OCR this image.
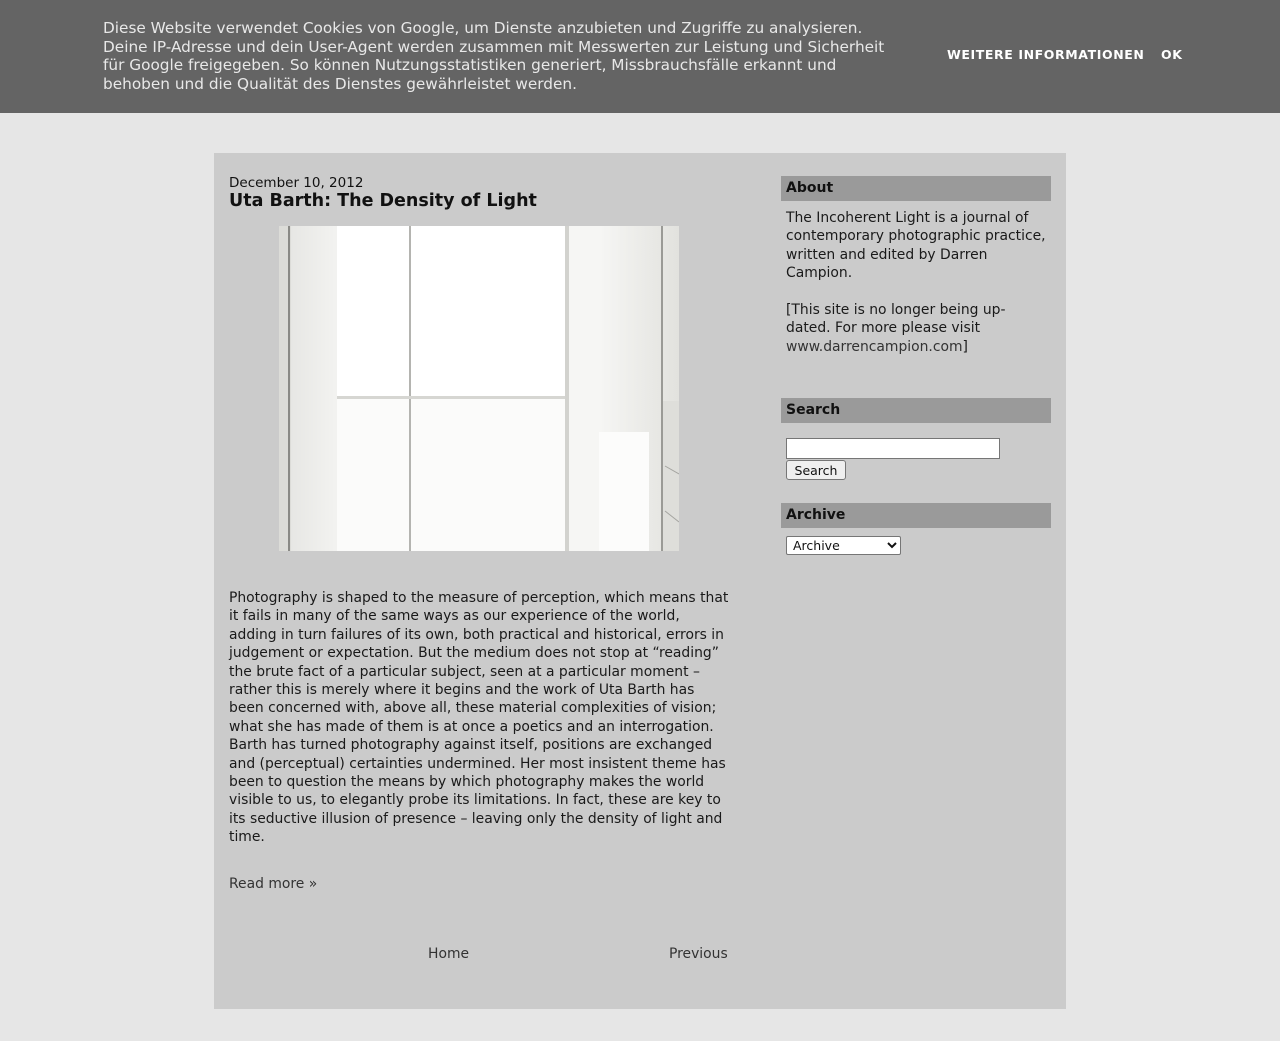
Diese Website verwendet Cookies von Google, um Dienste anzubieten und Zugriffe zu analysieren. Deine IP-Adresse und dein User-Agent werden zusammen mit Messwerten zur Leistung und Sicherheit für Google freigegeben. So können Nutzungsstatistiken generiert, Missbrauchsfälle erkannt und behoben und die Qualität des Dienstes gewährleistet werden.
WEITERE INFORMATIONEN OK
December 10, 2012
Uta Barth: The Density of Light
Photography is shaped to the measure of perception, which means that it fails in many of the same ways as our experience of the world, adding in turn failures of its own, both practical and historical, errors in judgement or expectation. But the medium does not stop at “reading” the brute fact of a particular subject, seen at a particular moment – rather this is merely where it begins and the work of Uta Barth has been concerned with, above all, these material complexities of vision; what she has made of them is at once a poetics and an interrogation. Barth has turned photography against itself, positions are exchanged and (perceptual) certainties undermined. Her most insistent theme has been to question the means by which photography makes the world visible to us, to elegantly probe its limitations. In fact, these are key to its seductive illusion of presence – leaving only the density of light and time.
Read more »
Home	Previous
About
The Incoherent Light is a journal of contemporary photographic practice, written and edited by Darren Campion.
[This site is no longer being up-dated. For more please visit www.darrencampion.com]
Search
Search
Archive
Archive
